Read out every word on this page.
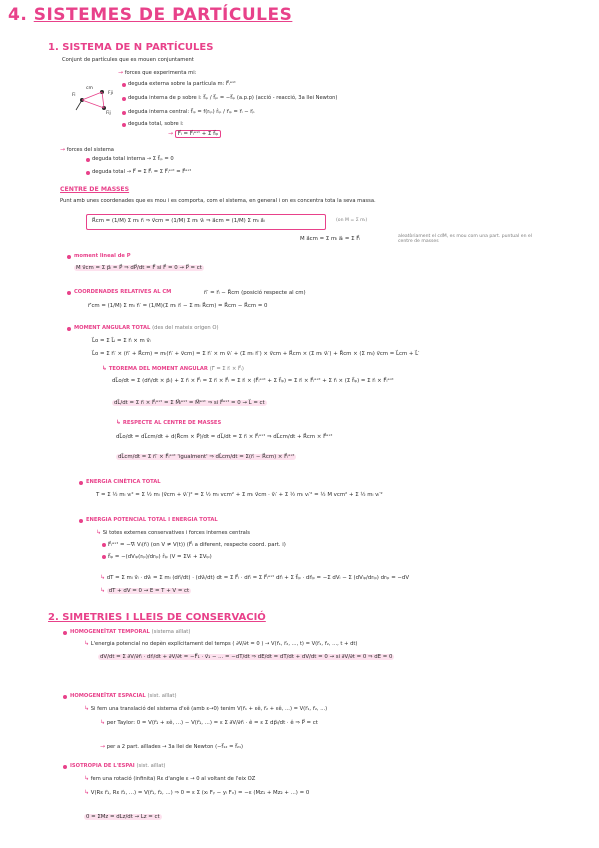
4. SISTEMES DE PARTÍCULES
1. SISTEMA DE N PARTÍCULES
Conjunt de partícules que es mouen conjuntament
→ forces que experimenta mi:
cm
Fi	Fji
Fij
deguda externa sobre la partícula m: F⃗ᵢᵉˣᵗ
deguda interna de p sobre i: f⃗ᵢₚ / f⃗ₚᵢ = −f⃗ᵢₚ (a.p.p) (acció - reacció, 3a llei Newton)
deguda interna central: f⃗ᵢₚ = f(rᵢₚ) r̂ᵢₚ / r⃗ᵢₚ = r⃗ᵢ − r⃗ₚ
deguda total, sobre i:
→ F⃗ᵢ = F⃗ᵢᵉˣᵗ + Σ f⃗ᵢₚ
→ forces del sistema
deguda total interna → Σ f⃗ᵢₚ = 0
deguda total → F⃗ = Σ F⃗ᵢ = Σ F⃗ᵢᵉˣᵗ = F⃗ᵉˣᵗ
CENTRE DE MASSES
Punt amb unes coordenades que es mou i es comporta, com el sistema, en general i on es concentra tota la seva massa.
R⃗cm = (1/M) Σ mᵢ r⃗ᵢ ⇒ v⃗cm = (1/M) Σ mᵢ v⃗ᵢ ⇒ a⃗cm = (1/M) Σ mᵢ a⃗ᵢ	(on M = Σ mᵢ)
M a⃗cm = Σ mᵢ a⃗ᵢ = Σ F⃗ᵢ	aleatòriament el cdM, es mou com una part. puntual en el centre de masses
moment lineal de P
M v⃗cm = Σ p⃗ᵢ = P⃗ ⇒ dP⃗/dt = F⃗ si F⃗ = 0 → P⃗ = ct
COORDENADES RELATIVES AL CM	r⃗ᵢ′ = r⃗ᵢ − R⃗cm (posició respecte al cm)
r⃗′cm = (1/M) Σ mᵢ r⃗ᵢ′ = (1/M)(Σ mᵢ r⃗ᵢ − Σ mᵢ R⃗cm) = R⃗cm − R⃗cm = 0
MOMENT ANGULAR TOTAL (des del mateix origen O)
L⃗o = Σ L⃗ᵢ = Σ r⃗ᵢ × m v⃗ᵢ
L⃗o = Σ r⃗ᵢ′ × (r⃗ᵢ′ + R⃗cm) = mᵢ(r⃗ᵢ′ + v⃗cm) = Σ r⃗ᵢ′ × m v⃗ᵢ′ + (Σ mᵢ r⃗ᵢ′) × v⃗cm + R⃗cm × (Σ mᵢ v⃗ᵢ′) + R⃗cm × (Σ mᵢ) v⃗cm = L⃗cm + L⃗′
↳ TEOREMA DEL MOMENT ANGULAR (Γ⃗ = Σ r⃗ᵢ × F⃗ᵢ)
dL⃗o/dt = Σ (dr⃗ᵢ/dt × p⃗ᵢ) + Σ r⃗ᵢ × F⃗ᵢ = Σ r⃗ᵢ × F⃗ᵢ = Σ r⃗ᵢ × (F⃗ᵢᵉˣᵗ + Σ f⃗ᵢₚ) = Σ r⃗ᵢ × F⃗ᵢᵉˣᵗ + Σ r⃗ᵢ × (Σ f⃗ᵢₚ) = Σ r⃗ᵢ × F⃗ᵢᵉˣᵗ
dL⃗/dt = Σ r⃗ᵢ × F⃗ᵢᵉˣᵗ = Σ M⃗ᵢᵉˣᵗ = M⃗ᵉˣᵗ ⇒ si F⃗ᵉˣᵗ = 0 → L⃗ = ct
↳ RESPECTE AL CENTRE DE MASSES
dL⃗o/dt = dL⃗cm/dt + d(R⃗cm × P⃗)/dt = dL⃗/dt = Σ r⃗ᵢ × F⃗ᵢᵉˣᵗ ⇒ dL⃗cm/dt + R⃗cm × F⃗ᵉˣᵗ
dL⃗cm/dt = Σ r⃗ᵢ′ × F⃗ᵢᵉˣᵗ 'igualment' ⇒ dL⃗cm/dt = Σ(r⃗ᵢ − R⃗cm) × F⃗ᵢᵉˣᵗ
ENERGIA CINÈTICA TOTAL
T = Σ ½ mᵢ vᵢ² = Σ ½ mᵢ (v⃗cm + v⃗ᵢ′)² = Σ ½ mᵢ vcm² + Σ mᵢ v⃗cm · v⃗ᵢ′ + Σ ½ mᵢ vᵢ′² = ½ M vcm² + Σ ½ mᵢ vᵢ′²
ENERGIA POTENCIAL TOTAL I ENERGIA TOTAL
↳ Si totes externes conservatives i forces internes centrals
F⃗ᵢᵉˣᵗ = −∇⃗ᵢ Vᵢ(r⃗ᵢ) (on V ≠ V(t)) (F⃗ᵢ a diferent, respecte coord. part. i)
f⃗ᵢₚ = −(dVᵢₚ(rᵢₚ)/drᵢₚ) r̂ᵢₚ (V = ΣVᵢ + ΣVᵢₚ)
↳ dT = Σ mᵢ v⃗ᵢ · dv⃗ᵢ = Σ mᵢ (dr⃗ᵢ/dt) · (dv⃗ᵢ/dt) dt = Σ F⃗ᵢ · dr⃗ᵢ = Σ F⃗ᵢᵉˣᵗ dr⃗ᵢ + Σ f⃗ᵢₚ · dr⃗ᵢₚ = −Σ dVᵢ − Σ (dVᵢₚ/drᵢₚ) drᵢₚ = −dV
↳ dT + dV = 0 → E = T + V = ct
2. SIMETRIES I LLEIS DE CONSERVACIÓ
HOMOGENEÏTAT TEMPORAL (sistema aïllat)
↳ L'energia potencial no depèn explícitament del temps ( ∂V/∂t = 0 ) → V(r⃗₁, r⃗₂, ..., t) = V(r⃗₁, r⃗₂, ..., t + dt)
dV/dt = Σ ∂V/∂r⃗ᵢ · dr⃗ᵢ/dt + ∂V/∂t = −F⃗₁ · v⃗₁ − ... = −dT/dt ⇒ dE/dt = dT/dt + dV/dt = 0 → si ∂V/∂t = 0 ⇒ dE = 0
HOMOGENEÏTAT ESPACIAL (sist. aïllat)
↳ Si fem una translació del sistema d'εê (amb ε→0) tenim V(r⃗₁ + εê, r⃗₂ + εê, ...) = V(r⃗₁, r⃗₂, ...)
↳ per Taylor: 0 = V(r⃗₁ + εê, ...) − V(r⃗₁, ...) = ε Σ ∂V/∂r⃗ᵢ · ê = ε Σ dp⃗ᵢ/dt · ê ⇒ P⃗ = ct
→ per a 2 part. aïllades → 3a llei de Newton (−f⃗₁₂ = f⃗₂₁)
ISOTROPIA DE L'ESPAI (sist. aïllat)
↳ fem una rotació (infinita) Rε d'angle ε → 0 al voltant de l'eix OZ
↳ V(Rε r⃗₁, Rε r⃗₂, ...) = V(r⃗₁, r⃗₂, ...) ⇒ 0 = ε Σ (xᵢ Fᵧ − yᵢ Fₓ) = −ε (Mz₁ + Mz₂ + ...) = 0
0 = ΣMz = dLz/dt → Lz = ct
